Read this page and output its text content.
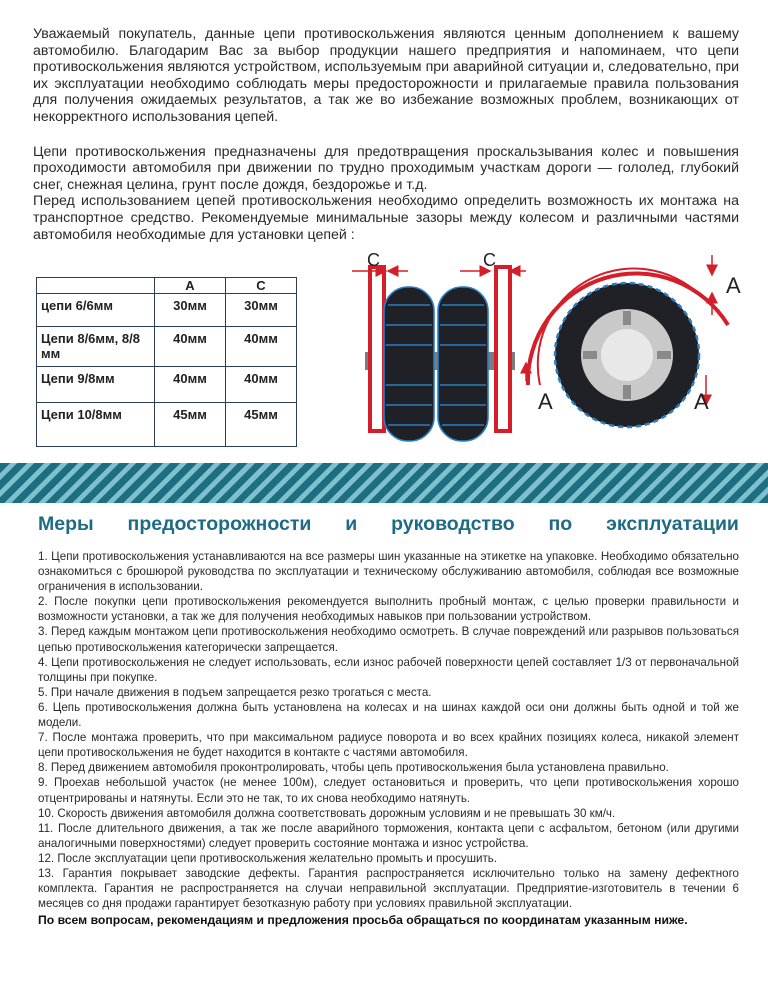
Уважаемый покупатель, данные цепи противоскольжения являются ценным дополнением к вашему автомобилю. Благодарим Вас за выбор продукции нашего предприятия и напоминаем, что цепи противоскольжения являются устройством, используемым при аварийной ситуации и, следовательно, при их эксплуатации необходимо соблюдать меры предосторожности и прилагаемые правила пользования для получения ожидаемых результатов, а так же во избежание возможных проблем, возникающих от некорректного использования цепей.

Цепи противоскольжения предназначены для предотвращения проскальзывания колес и повышения проходимости автомобиля при движении по трудно проходимым участкам дороги — гололед, глубокий снег, снежная целина, грунт после дождя, бездорожье и т.д.

Перед использованием цепей противоскольжения необходимо определить возможность их монтажа на транспортное средство. Рекомендуемые минимальные зазоры между колесом и различными частями автомобиля необходимые для установки цепей :

	A	C
цепи 6/6мм	30мм	30мм
Цепи 8/6мм, 8/8 мм	40мм	40мм
Цепи 9/8мм	40мм	40мм
Цепи 10/8мм	45мм	45мм
C	C
A
A	A
Меры предосторожности и руководство по эксплуатации

1. Цепи противоскольжения устанавливаются на все размеры шин указанные на этикетке на упаковке. Необходимо обязательно ознакомиться с брошюрой руководства по эксплуатации и техническому обслуживанию автомобиля, соблюдая все возможные ограничения в использовании.

2. После покупки цепи противоскольжения рекомендуется выполнить пробный монтаж, с целью проверки правильности и возможности установки, а так же для получения необходимых навыков при пользовании устройством.

3. Перед каждым монтажом цепи противоскольжения необходимо осмотреть. В случае повреждений или разрывов пользоваться цепью противоскольжения категорически запрещается.

4. Цепи противоскольжения не следует использовать, если износ рабочей поверхности цепей составляет 1/3 от первоначальной толщины при покупке.

5. При начале движения в подъем запрещается резко трогаться с места.

6. Цепь противоскольжения должна быть установлена на колесах и на шинах каждой оси они должны быть одной и той же модели.

7. После монтажа проверить, что при максимальном радиусе поворота и во всех крайних позициях колеса, никакой элемент цепи противоскольжения не будет находится в контакте с частями автомобиля.

8. Перед движением автомобиля проконтролировать, чтобы цепь противоскольжения была установлена правильно.

9. Проехав небольшой участок (не менее 100м), следует остановиться и проверить, что цепи противоскольжения хорошо отцентрированы и натянуты. Если это не так, то их снова необходимо натянуть.

10. Скорость движения автомобиля должна соответствовать дорожным условиям и не превышать 30 км/ч.

11. После длительного движения, а так же после аварийного торможения, контакта цепи с асфальтом, бетоном (или другими аналогичными поверхностями) следует проверить состояние монтажа и износ устройства.

12. После эксплуатации цепи противоскольжения желательно промыть и просушить.

13. Гарантия покрывает заводские дефекты. Гарантия распространяется исключительно только на замену дефектного комплекта. Гарантия не распространяется на случаи неправильной эксплуатации. Предприятие-изготовитель в течении 6 месяцев со дня продажи гарантирует безотказную работу при условиях правильной эксплуатации.

По всем вопросам, рекомендациям и предложения просьба обращаться по координатам указанным ниже.
